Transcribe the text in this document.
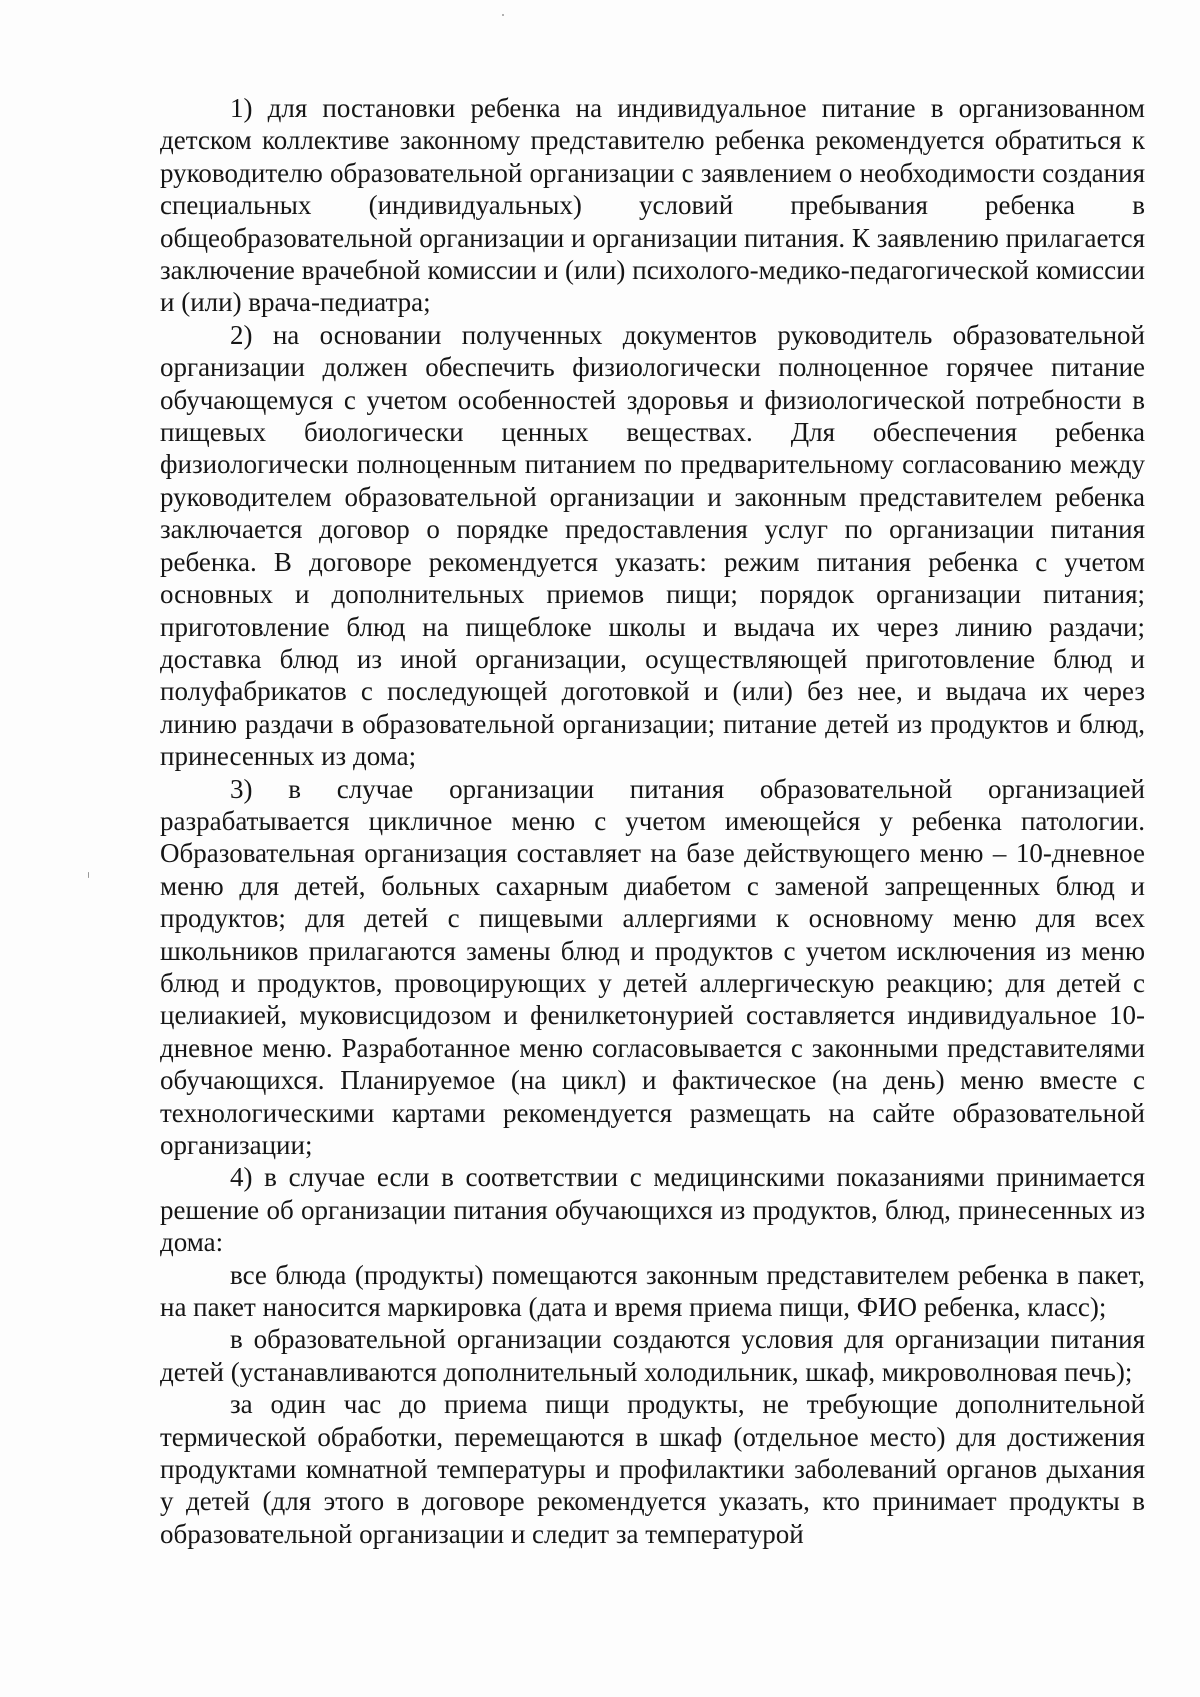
1) для постановки ребенка на индивидуальное питание в организованном детском коллективе законному представителю ребенка рекомендуется обратиться к руководителю образовательной организации с заявлением о необходимости создания специальных (индивидуальных) условий пребывания ребенка в общеобразовательной организации и организации питания. К заявлению прилагается заключение врачебной комиссии и (или) психолого-медико-педагогической комиссии и (или) врача-педиатра;

2) на основании полученных документов руководитель образовательной организации должен обеспечить физиологически полноценное горячее питание обучающемуся с учетом особенностей здоровья и физиологической потребности в пищевых биологически ценных веществах. Для обеспечения ребенка физиологически полноценным питанием по предварительному согласованию между руководителем образовательной организации и законным представителем ребенка заключается договор о порядке предоставления услуг по организации питания ребенка. В договоре рекомендуется указать: режим питания ребенка с учетом основных и дополнительных приемов пищи; порядок организации питания; приготовление блюд на пищеблоке школы и выдача их через линию раздачи; доставка блюд из иной организации, осуществляющей приготовление блюд и полуфабрикатов с последующей доготовкой и (или) без нее, и выдача их через линию раздачи в образовательной организации; питание детей из продуктов и блюд, принесенных из дома;

3) в случае организации питания образовательной организацией разрабатывается цикличное меню с учетом имеющейся у ребенка патологии. Образовательная организация составляет на базе действующего меню – 10-дневное меню для детей, больных сахарным диабетом с заменой запрещенных блюд и продуктов; для детей с пищевыми аллергиями к основному меню для всех школьников прилагаются замены блюд и продуктов с учетом исключения из меню блюд и продуктов, провоцирующих у детей аллергическую реакцию; для детей с целиакией, муковисцидозом и фенилкетонурией составляется индивидуальное 10-дневное меню. Разработанное меню согласовывается с законными представителями обучающихся. Планируемое (на цикл) и фактическое (на день) меню вместе с технологическими картами рекомендуется размещать на сайте образовательной организации;

4) в случае если в соответствии с медицинскими показаниями принимается решение об организации питания обучающихся из продуктов, блюд, принесенных из дома:

все блюда (продукты) помещаются законным представителем ребенка в пакет, на пакет наносится маркировка (дата и время приема пищи, ФИО ребенка, класс);

в образовательной организации создаются условия для организации питания детей (устанавливаются дополнительный холодильник, шкаф, микроволновая печь);

за один час до приема пищи продукты, не требующие дополнительной термической обработки, перемещаются в шкаф (отдельное место) для достижения продуктами комнатной температуры и профилактики заболеваний органов дыхания у детей (для этого в договоре рекомендуется указать, кто принимает продукты в образовательной организации и следит за температурой
